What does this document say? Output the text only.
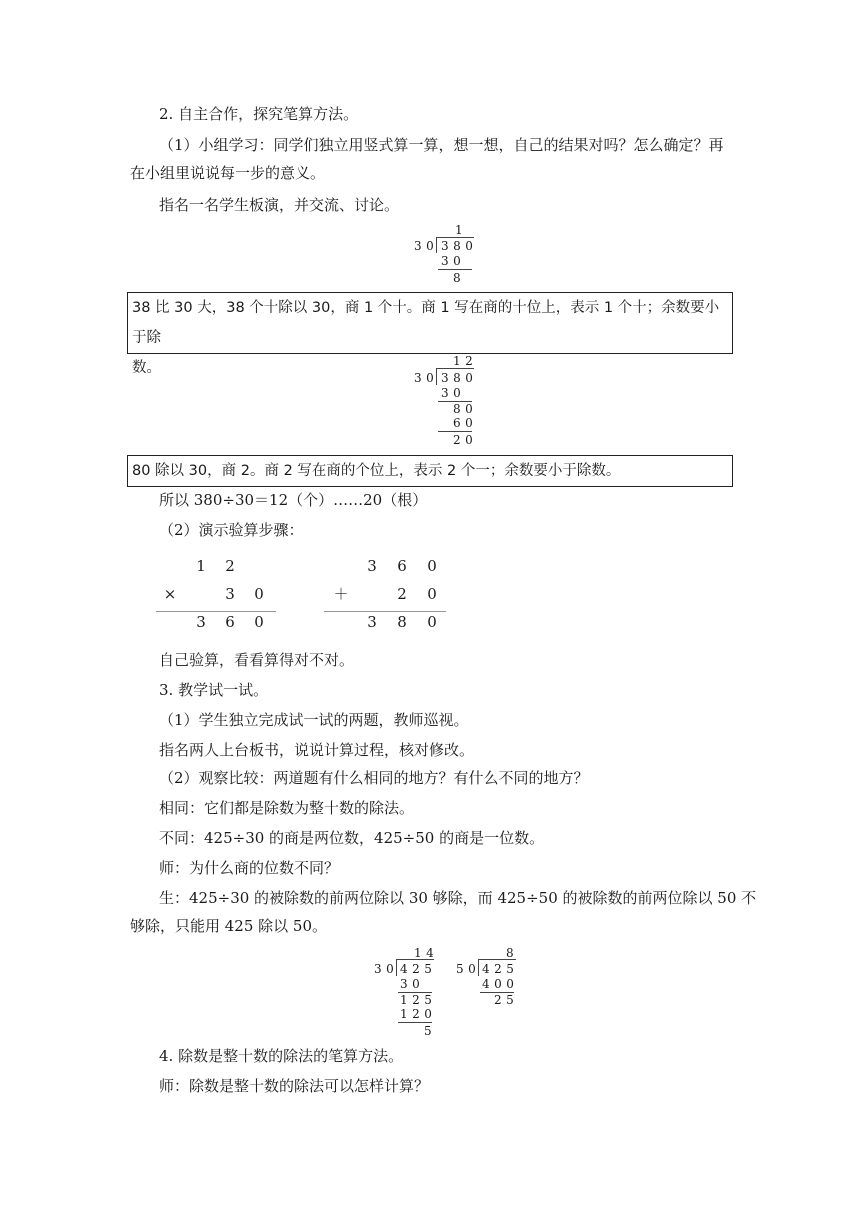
2. 自主合作，探究笔算方法。
（1）小组学习：同学们独立用竖式算一算，想一想，自己的结果对吗？怎么确定？再
在小组里说说每一步的意义。
指名一名学生板演，并交流、讨论。
1
30 380
30
8
38 比 30 大，38 个十除以 30，商 1 个十。商 1 写在商的十位上，表示 1 个十；余数要小于除
数。	12
30 380
30
80
60
20
80 除以 30，商 2。商 2 写在商的个位上，表示 2 个一；余数要小于除数。
所以 380÷30＝12（个）……20（根）
（2）演示验算步骤：
1	2
×	3	0
3	6	0
3	6	0
＋	2	0
3	8	0
自己验算，看看算得对不对。
3. 教学试一试。
（1）学生独立完成试一试的两题，教师巡视。
指名两人上台板书，说说计算过程，核对修改。
（2）观察比较：两道题有什么相同的地方？有什么不同的地方？
相同：它们都是除数为整十数的除法。
不同：425÷30 的商是两位数，425÷50 的商是一位数。
师：为什么商的位数不同？
生：425÷30 的被除数的前两位除以 30 够除，而 425÷50 的被除数的前两位除以 50 不
够除，只能用 425 除以 50。
14
30 425
30
125
120
5
8
50 425
400
25
4. 除数是整十数的除法的笔算方法。
师：除数是整十数的除法可以怎样计算？
